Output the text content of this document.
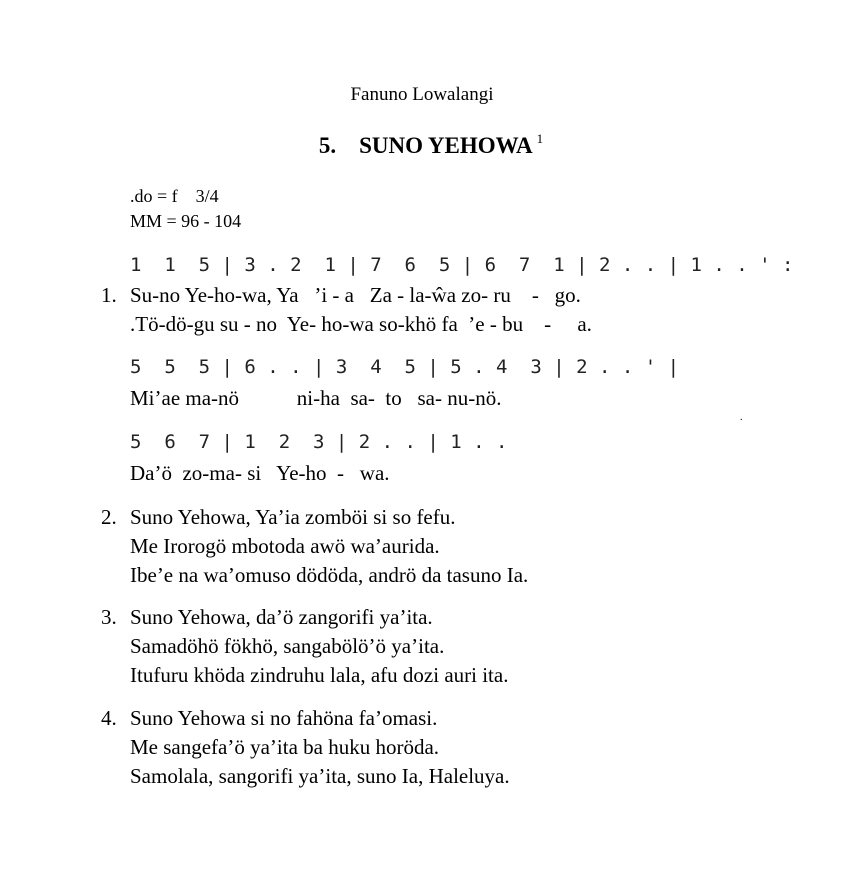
Fanuno Lowalangi
5. SUNO YEHOWA $^1$
.do = f    3/4
MM = 96 - 104
1  1  5 | 3 . 2  1 | 7  6  5 | 6  7  1 | 2 . . | 1 . . ' :
1. Su-no Ye-ho-wa, Ya   ’i - a   Za - la-ŵa zo- ru    -   go.
.Tö-dö-gu su - no  Ye- ho-wa so-khö fa  ’e - bu    -     a.
5  5  5 | 6 . . | 3  4  5 | 5 . 4  3 | 2 . . ' |
Mi’ae ma-nö           ni-ha  sa-  to   sa- nu-nö.
.
5  6  7 | 1  2  3 | 2 . . | 1 . .
Da’ö  zo-ma- si   Ye-ho  -   wa.
2. Suno Yehowa, Ya’ia zomböi si so fefu.
Me Irorogö mbotoda awö wa’aurida.
Ibe’e na wa’omuso dödöda, andrö da tasuno Ia.
3. Suno Yehowa, da’ö zangorifi ya’ita.
Samadöhö fökhö, sangabölö’ö ya’ita.
Itufuru khöda zindruhu lala, afu dozi auri ita.
4. Suno Yehowa si no fahöna fa’omasi.
Me sangefa’ö ya’ita ba huku horöda.
Samolala, sangorifi ya’ita, suno Ia, Haleluya.
